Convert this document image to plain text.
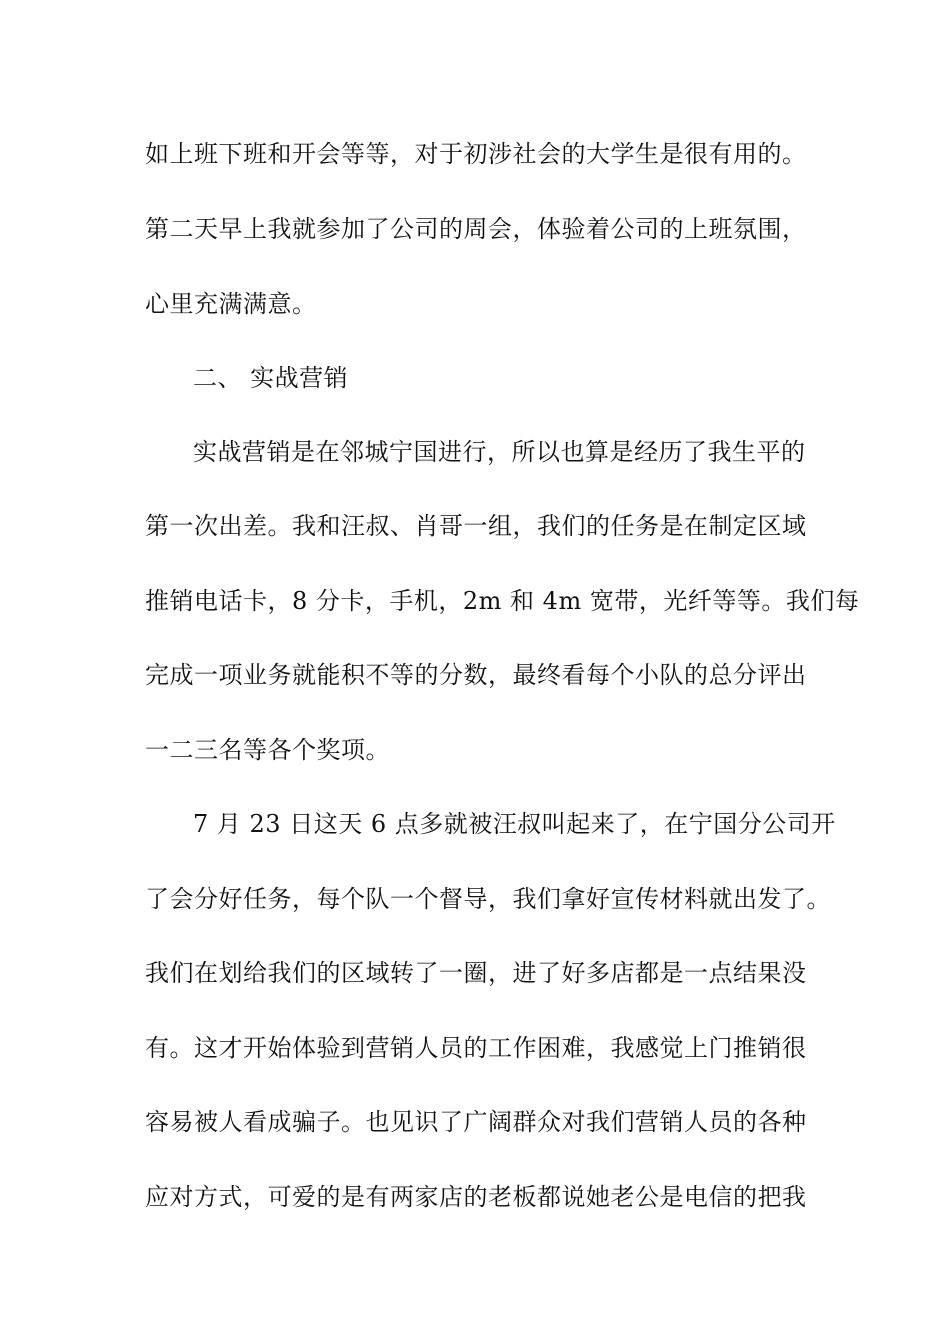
如上班下班和开会等等，对于初涉社会的大学生是很有用的。
第二天早上我就参加了公司的周会，体验着公司的上班氛围，
心里充满满意。
二、 实战营销
实战营销是在邻城宁国进行，所以也算是经历了我生平的
第一次出差。我和汪叔、肖哥一组，我们的任务是在制定区域
推销电话卡，8 分卡，手机，2m 和 4m 宽带，光纤等等。我们每
完成一项业务就能积不等的分数，最终看每个小队的总分评出
一二三名等各个奖项。
7 月 23 日这天 6 点多就被汪叔叫起来了，在宁国分公司开
了会分好任务，每个队一个督导，我们拿好宣传材料就出发了。
我们在划给我们的区域转了一圈，进了好多店都是一点结果没
有。这才开始体验到营销人员的工作困难，我感觉上门推销很
容易被人看成骗子。也见识了广阔群众对我们营销人员的各种
应对方式，可爱的是有两家店的老板都说她老公是电信的把我
